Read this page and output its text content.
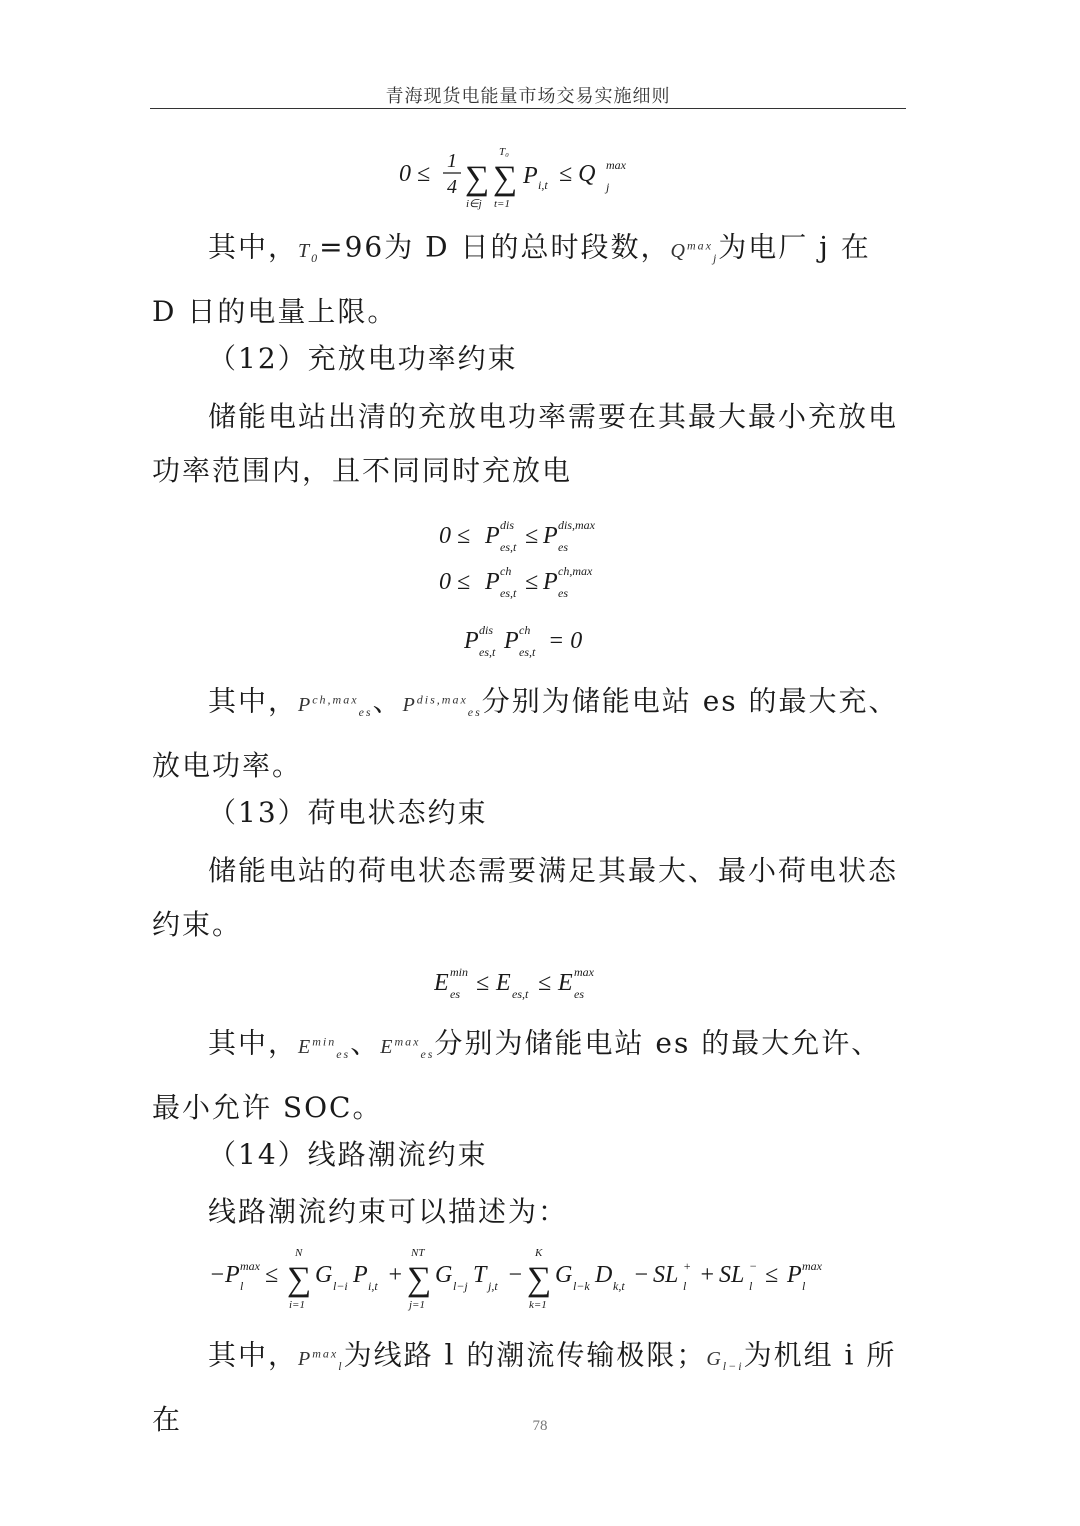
青海现货电能量市场交易实施细则
0 ≤ 1
4 ∑
i∈j
∑
T₀
t=1
P i,t ≤ Q max
j
其中，$T_0=96$为 D 日的总时段数，$Q^{max}_j$为电厂 j 在 D 日的电量上限。
（12）充放电功率约束
储能电站出清的充放电功率需要在其最大最小充放电功率范围内，且不同同时充放电
0 ≤ P dis
es,t ≤ P dis,max
es
0 ≤ P ch
es,t ≤ P ch,max
es
P dis
es,t P ch
es,t = 0
其中，$P^{ch,max}_{es}$、$P^{dis,max}_{es}$分别为储能电站 es 的最大充、放电功率。
（13）荷电状态约束
储能电站的荷电状态需要满足其最大、最小荷电状态约束。
E min
es ≤ E es,t ≤ E max
es
其中，$E^{min}_{es}$、$E^{max}_{es}$分别为储能电站 es 的最大允许、最小允许 SOC。
（14）线路潮流约束
线路潮流约束可以描述为：
− P max
l ≤ ∑
N
i=1
G l−i P i,t + ∑
NT
j=1
G l−j T j,t − ∑
K
k=1
G l−k D k,t − SL +
l + SL −
l ≤ P max
l
其中，$P^{max}_l$为线路 l 的潮流传输极限；$G_{l-i}$为机组 i 所在	78
